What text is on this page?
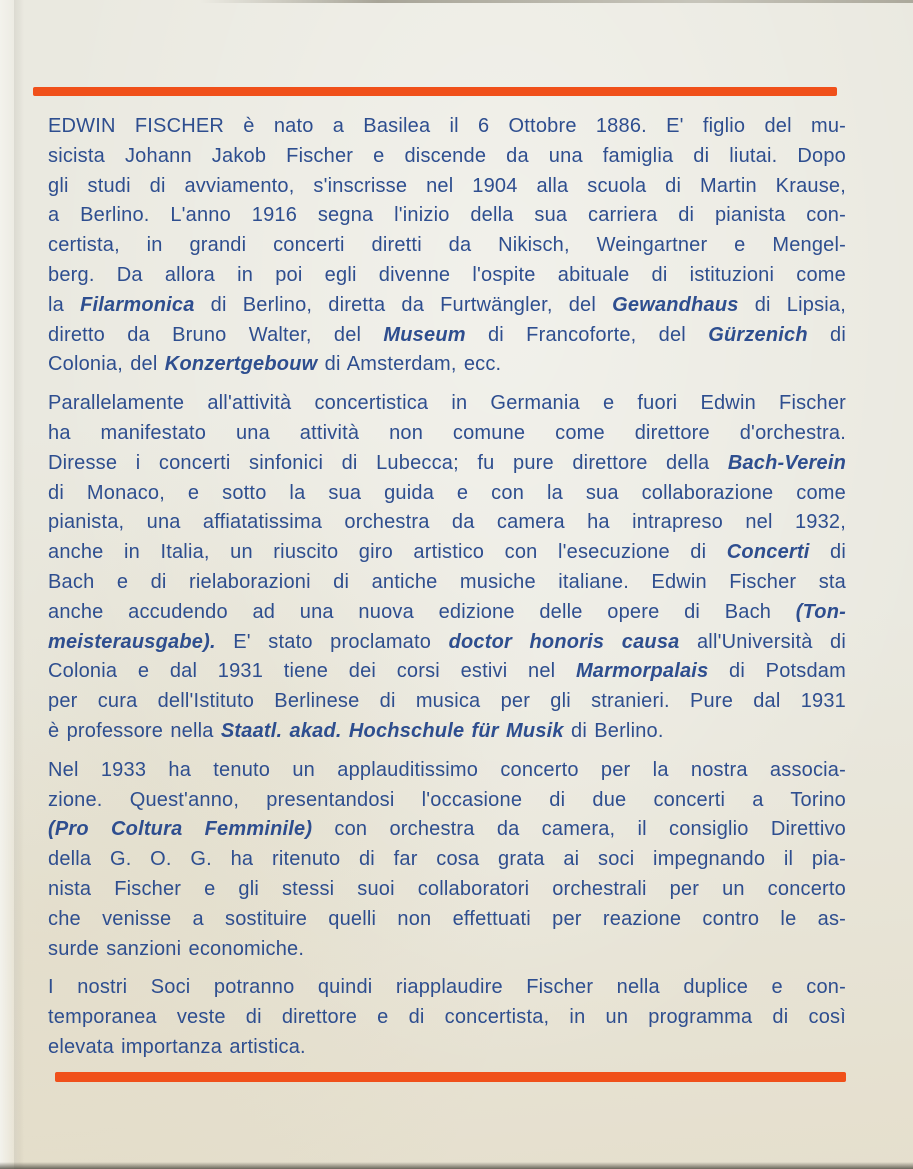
EDWIN FISCHER è nato a Basilea il 6 Ottobre 1886. E' figlio del mu-
sicista Johann Jakob Fischer e discende da una famiglia di liutai. Dopo
gli studi di avviamento, s'inscrisse nel 1904 alla scuola di Martin Krause,
a Berlino. L'anno 1916 segna l'inizio della sua carriera di pianista con-
certista, in grandi concerti diretti da Nikisch, Weingartner e Mengel-
berg. Da allora in poi egli divenne l'ospite abituale di istituzioni come
la Filarmonica di Berlino, diretta da Furtwängler, del Gewandhaus di Lipsia,
diretto da Bruno Walter, del Museum di Francoforte, del Gürzenich di
Colonia, del Konzertgebouw di Amsterdam, ecc.
Parallelamente all'attività concertistica in Germania e fuori Edwin Fischer
ha manifestato una attività non comune come direttore d'orchestra.
Diresse i concerti sinfonici di Lubecca; fu pure direttore della Bach-Verein
di Monaco, e sotto la sua guida e con la sua collaborazione come
pianista, una affiatatissima orchestra da camera ha intrapreso nel 1932,
anche in Italia, un riuscito giro artistico con l'esecuzione di Concerti di
Bach e di rielaborazioni di antiche musiche italiane. Edwin Fischer sta
anche accudendo ad una nuova edizione delle opere di Bach (Ton-
meisterausgabe). E' stato proclamato doctor honoris causa all'Università di
Colonia e dal 1931 tiene dei corsi estivi nel Marmorpalais di Potsdam
per cura dell'Istituto Berlinese di musica per gli stranieri. Pure dal 1931
è professore nella Staatl. akad. Hochschule für Musik di Berlino.
Nel 1933 ha tenuto un applauditissimo concerto per la nostra associa-
zione. Quest'anno, presentandosi l'occasione di due concerti a Torino
(Pro Coltura Femminile) con orchestra da camera, il consiglio Direttivo
della G. O. G. ha ritenuto di far cosa grata ai soci impegnando il pia-
nista Fischer e gli stessi suoi collaboratori orchestrali per un concerto
che venisse a sostituire quelli non effettuati per reazione contro le as-
surde sanzioni economiche.
I nostri Soci potranno quindi riapplaudire Fischer nella duplice e con-
temporanea veste di direttore e di concertista, in un programma di così
elevata importanza artistica.
